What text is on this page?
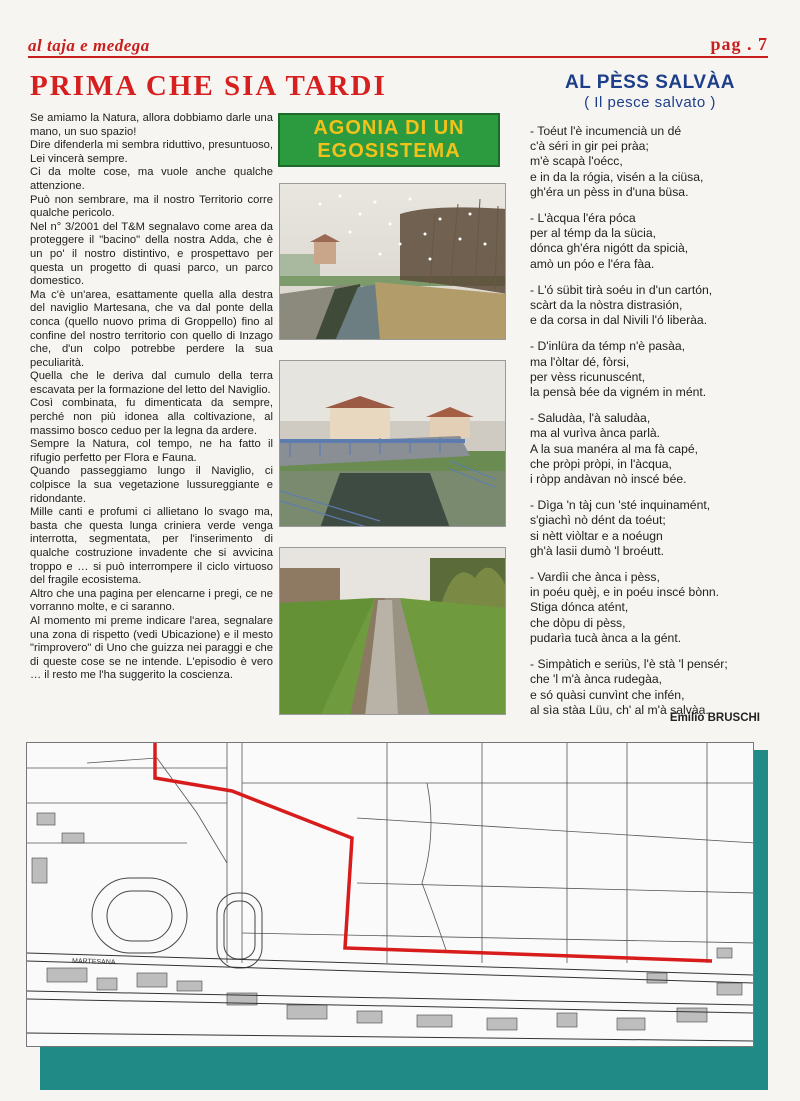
al taja e medega	pag . 7
PRIMA CHE SIA TARDI

Se amiamo la Natura, allora dobbiamo darle una mano, un suo spazio!

Dire difenderla mi sembra riduttivo, presuntuoso, Lei vincerà sempre.

Ci da molte cose, ma vuole anche qualche attenzione.

Può non sembrare, ma il nostro Territorio corre qualche pericolo.

Nel n° 3/2001 del T&M segnalavo come area da proteggere il "bacino" della nostra Adda, che è un po' il nostro distintivo, e prospettavo per questa un progetto di quasi parco, un parco domestico.

Ma c'è un'area, esattamente quella alla destra del naviglio Martesana, che va dal ponte della conca (quello nuovo prima di Groppello) fino al confine del nostro territorio con quello di Inzago che, d'un colpo potrebbe perdere la sua peculiarità.

Quella che le deriva dal cumulo della terra escavata per la formazione del letto del Naviglio.

Così combinata, fu dimenticata da sempre, perché non più idonea alla coltivazione, al massimo bosco ceduo per la legna da ardere.

Sempre la Natura, col tempo, ne ha fatto il rifugio perfetto per Flora e Fauna.

Quando passeggiamo lungo il Naviglio, ci colpisce la sua vegetazione lussureggiante e ridondante.

Mille canti e profumi ci allietano lo svago ma, basta che questa lunga criniera verde venga interrotta, segmentata, per l'inserimento di qualche costruzione invadente che si avvicina troppo e … si può interrompere il ciclo virtuoso del fragile ecosistema.

Altro che una pagina per elencarne i pregi, ce ne vorranno molte, e ci saranno.

Al momento mi preme indicare l'area, segnalare una zona di rispetto (vedi Ubicazione) e il mesto "rimprovero" di Uno che guizza nei paraggi e che di queste cose se ne intende. L'episodio è vero … il resto me l'ha suggerito la coscienza.

AGONIA DI UN
EGOSISTEMA
AL PÈSS SALVÀA
( Il pesce salvato )
- Toéut l'è incumencià un dé
c'à séri in gir pei pràa;
m'è scapà l'oécc,
e in da la rógia, visén a la ciüsa,
gh'éra un pèss in d'una büsa.
- L'àcqua l'éra póca
per al témp da la sücia,
dónca gh'éra nigótt da spicià,
amò un póo e l'éra fàa.
- L'ó sübit tirà soéu in d'un cartón,
scàrt da la nòstra distrasión,
e da corsa in dal Nivili l'ó liberàa.
- D'inlüra da témp n'è pasàa,
ma l'òltar dé, fòrsi,
per vèss ricunuscént,
la pensà bée da vigném in mént.
- Saludàa, l'à saludàa,
ma al vurìva ànca parlà.
A la sua manéra al ma fà capé,
che pròpi pròpi, in l'àcqua,
i ròpp andàvan nò inscé bée.
- Dìga 'n tàj cun 'sté inquinamént,
s'giachì nò dént da toéut;
si nètt viòltar e a noéugn
gh'à lasii dumò 'l broéutt.
- Vardìi che ànca i pèss,
in poéu quèj, e in poéu inscé bònn.
Stiga dónca atént,
che dòpu di pèss,
pudarìa tucà ànca a la gént.
- Simpàtich e seriùs, l'è stà 'l pensér;
che 'l m'à ànca rudegàa,
e só quàsi cunvìnt che infén,
al sìa stàa Lüu, ch' al m'à salvàa.
Emilio BRUSCHI
MARTESANA
